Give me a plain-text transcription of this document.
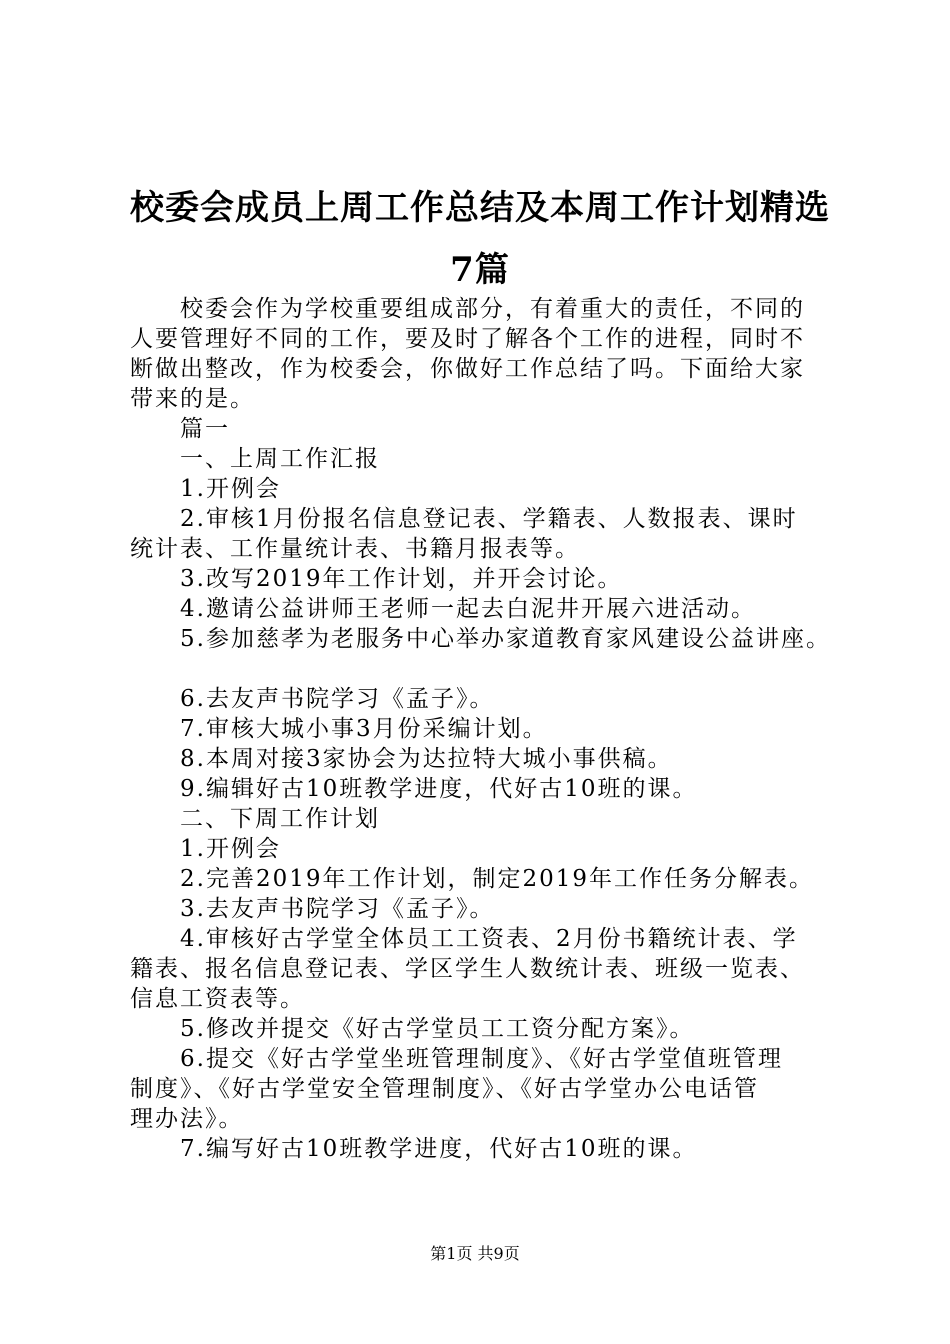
校委会成员上周工作总结及本周工作计划精选
7篇

校委会作为学校重要组成部分，有着重大的责任，不同的

人要管理好不同的工作，要及时了解各个工作的进程，同时不

断做出整改，作为校委会，你做好工作总结了吗。下面给大家

带来的是。

篇一

一、上周工作汇报

1.开例会

2.审核1月份报名信息登记表、学籍表、人数报表、课时

统计表、工作量统计表、书籍月报表等。

3.改写2019年工作计划，并开会讨论。

4.邀请公益讲师王老师一起去白泥井开展六进活动。

5.参加慈孝为老服务中心举办家道教育家风建设公益讲座。

6.去友声书院学习《孟子》。

7.审核大城小事3月份采编计划。

8.本周对接3家协会为达拉特大城小事供稿。

9.编辑好古10班教学进度，代好古10班的课。

二、下周工作计划

1.开例会

2.完善2019年工作计划，制定2019年工作任务分解表。

3.去友声书院学习《孟子》。

4.审核好古学堂全体员工工资表、2月份书籍统计表、学

籍表、报名信息登记表、学区学生人数统计表、班级一览表、

信息工资表等。

5.修改并提交《好古学堂员工工资分配方案》。

6.提交《好古学堂坐班管理制度》、《好古学堂值班管理

制度》、《好古学堂安全管理制度》、《好古学堂办公电话管

理办法》。

7.编写好古10班教学进度，代好古10班的课。

第1页 共9页
